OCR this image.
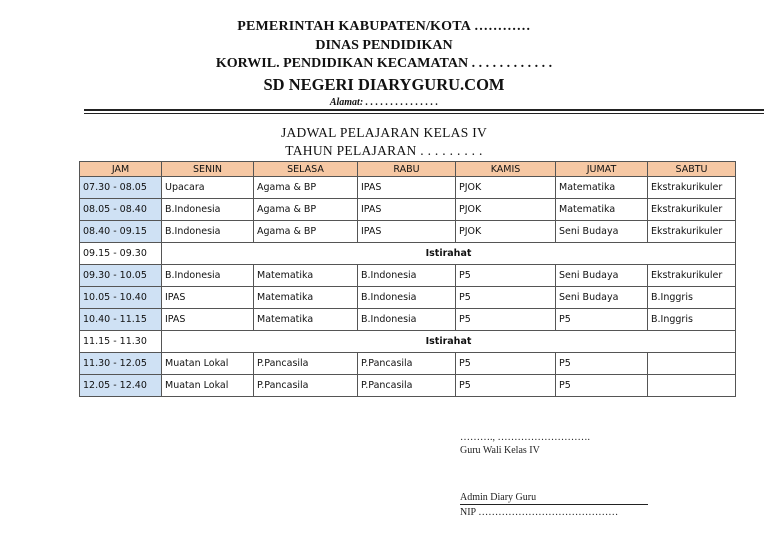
PEMERINTAH KABUPATEN/KOTA …………
DINAS PENDIDIKAN
KORWIL. PENDIDIKAN KECAMATAN . . . . . . . . . . . .
SD NEGERI DIARYGURU.COM
Alamat: . . . . . . . . . . . . . . .
JADWAL PELAJARAN KELAS IV
TAHUN PELAJARAN . . . . . . . . .
JAM	SENIN	SELASA	RABU	KAMIS	JUMAT	SABTU
07.30 - 08.05	Upacara	Agama & BP	IPAS	PJOK	Matematika	Ekstrakurikuler
08.05 - 08.40	B.Indonesia	Agama & BP	IPAS	PJOK	Matematika	Ekstrakurikuler
08.40 - 09.15	B.Indonesia	Agama & BP	IPAS	PJOK	Seni Budaya	Ekstrakurikuler
09.15 - 09.30	Istirahat					
09.30 - 10.05	B.Indonesia	Matematika	B.Indonesia	P5	Seni Budaya	Ekstrakurikuler
10.05 - 10.40	IPAS	Matematika	B.Indonesia	P5	Seni Budaya	B.Inggris
10.40 - 11.15	IPAS	Matematika	B.Indonesia	P5	P5	B.Inggris
11.15 - 11.30	Istirahat					
11.30 - 12.05	Muatan Lokal	P.Pancasila	P.Pancasila	P5	P5	
12.05 - 12.40	Muatan Lokal	P.Pancasila	P.Pancasila	P5	P5	
………., ……………………….
Guru Wali Kelas IV
Admin Diary Guru
NIP ……………………………………
